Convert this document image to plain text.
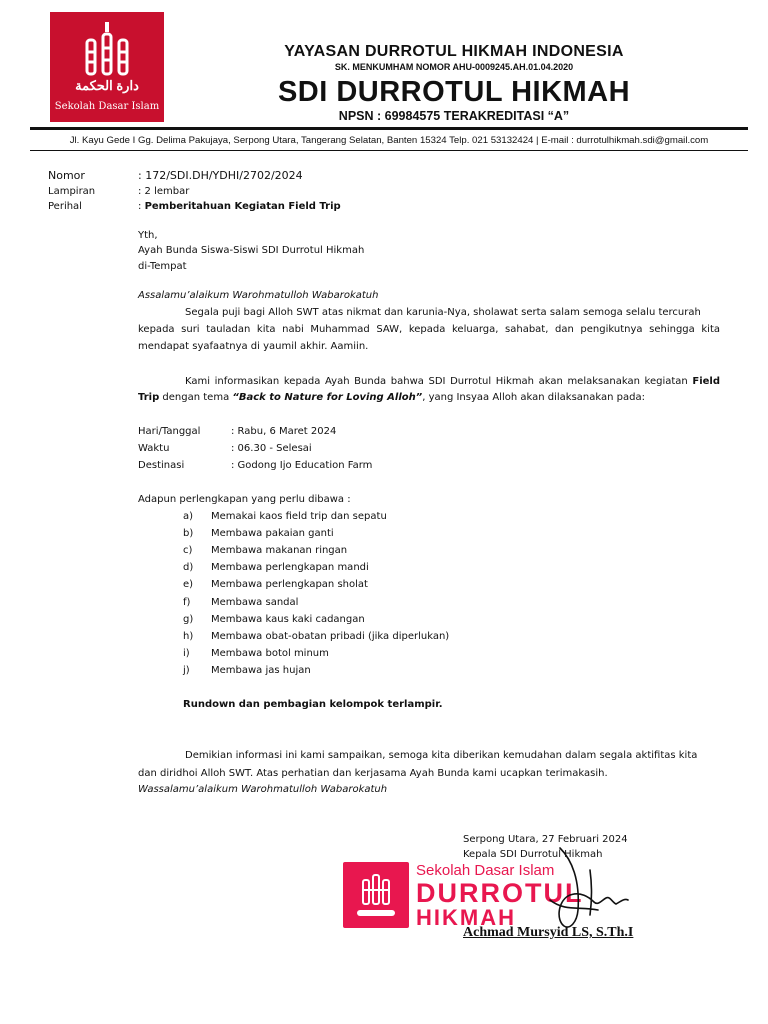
دارة الحكمة
Sekolah Dasar Islam
YAYASAN DURROTUL HIKMAH INDONESIA
SK. MENKUMHAM NOMOR AHU-0009245.AH.01.04.2020
SDI DURROTUL HIKMAH
NPSN : 69984575 TERAKREDITASI “A”
Jl. Kayu Gede I Gg. Delima Pakujaya, Serpong Utara, Tangerang Selatan, Banten 15324 Telp. 021 53132424 | E-mail : durrotulhikmah.sdi@gmail.com
Nomor	: 172/SDI.DH/YDHI/2702/2024
Lampiran	: 2 lembar
Perihal	: Pemberitahuan Kegiatan Field Trip
Yth,
Ayah Bunda Siswa-Siswi SDI Durrotul Hikmah
di-Tempat
Assalamu’alaikum Warohmatulloh Wabarokatuh
Segala puji bagi Alloh SWT atas nikmat dan karunia-Nya, sholawat serta salam semoga selalu tercurah
kepada suri tauladan kita nabi Muhammad SAW, kepada keluarga, sahabat, dan pengikutnya sehingga kita
mendapat syafaatnya di yaumil akhir. Aamiin.
Kami informasikan kepada Ayah Bunda bahwa SDI Durrotul Hikmah akan melaksanakan kegiatan Field
Trip dengan tema “Back to Nature for Loving Alloh”, yang Insyaa Alloh akan dilaksanakan pada:
Hari/Tanggal	: Rabu, 6 Maret 2024
Waktu	: 06.30 - Selesai
Destinasi	: Godong Ijo Education Farm
Adapun perlengkapan yang perlu dibawa :
a) Memakai kaos field trip dan sepatu
b) Membawa pakaian ganti
c) Membawa makanan ringan
d) Membawa perlengkapan mandi
e) Membawa perlengkapan sholat
f) Membawa sandal
g) Membawa kaus kaki cadangan
h) Membawa obat-obatan pribadi (jika diperlukan)
i) Membawa botol minum
j) Membawa jas hujan
Rundown dan pembagian kelompok terlampir.
Demikian informasi ini kami sampaikan, semoga kita diberikan kemudahan dalam segala aktifitas kita
dan diridhoi Alloh SWT. Atas perhatian dan kerjasama Ayah Bunda kami ucapkan terimakasih.
Wassalamu’alaikum Warohmatulloh Wabarokatuh
Serpong Utara, 27 Februari 2024
Kepala SDI Durrotul Hikmah
Sekolah Dasar Islam
DURROTUL
HIKMAH
Achmad Mursyid LS, S.Th.I
